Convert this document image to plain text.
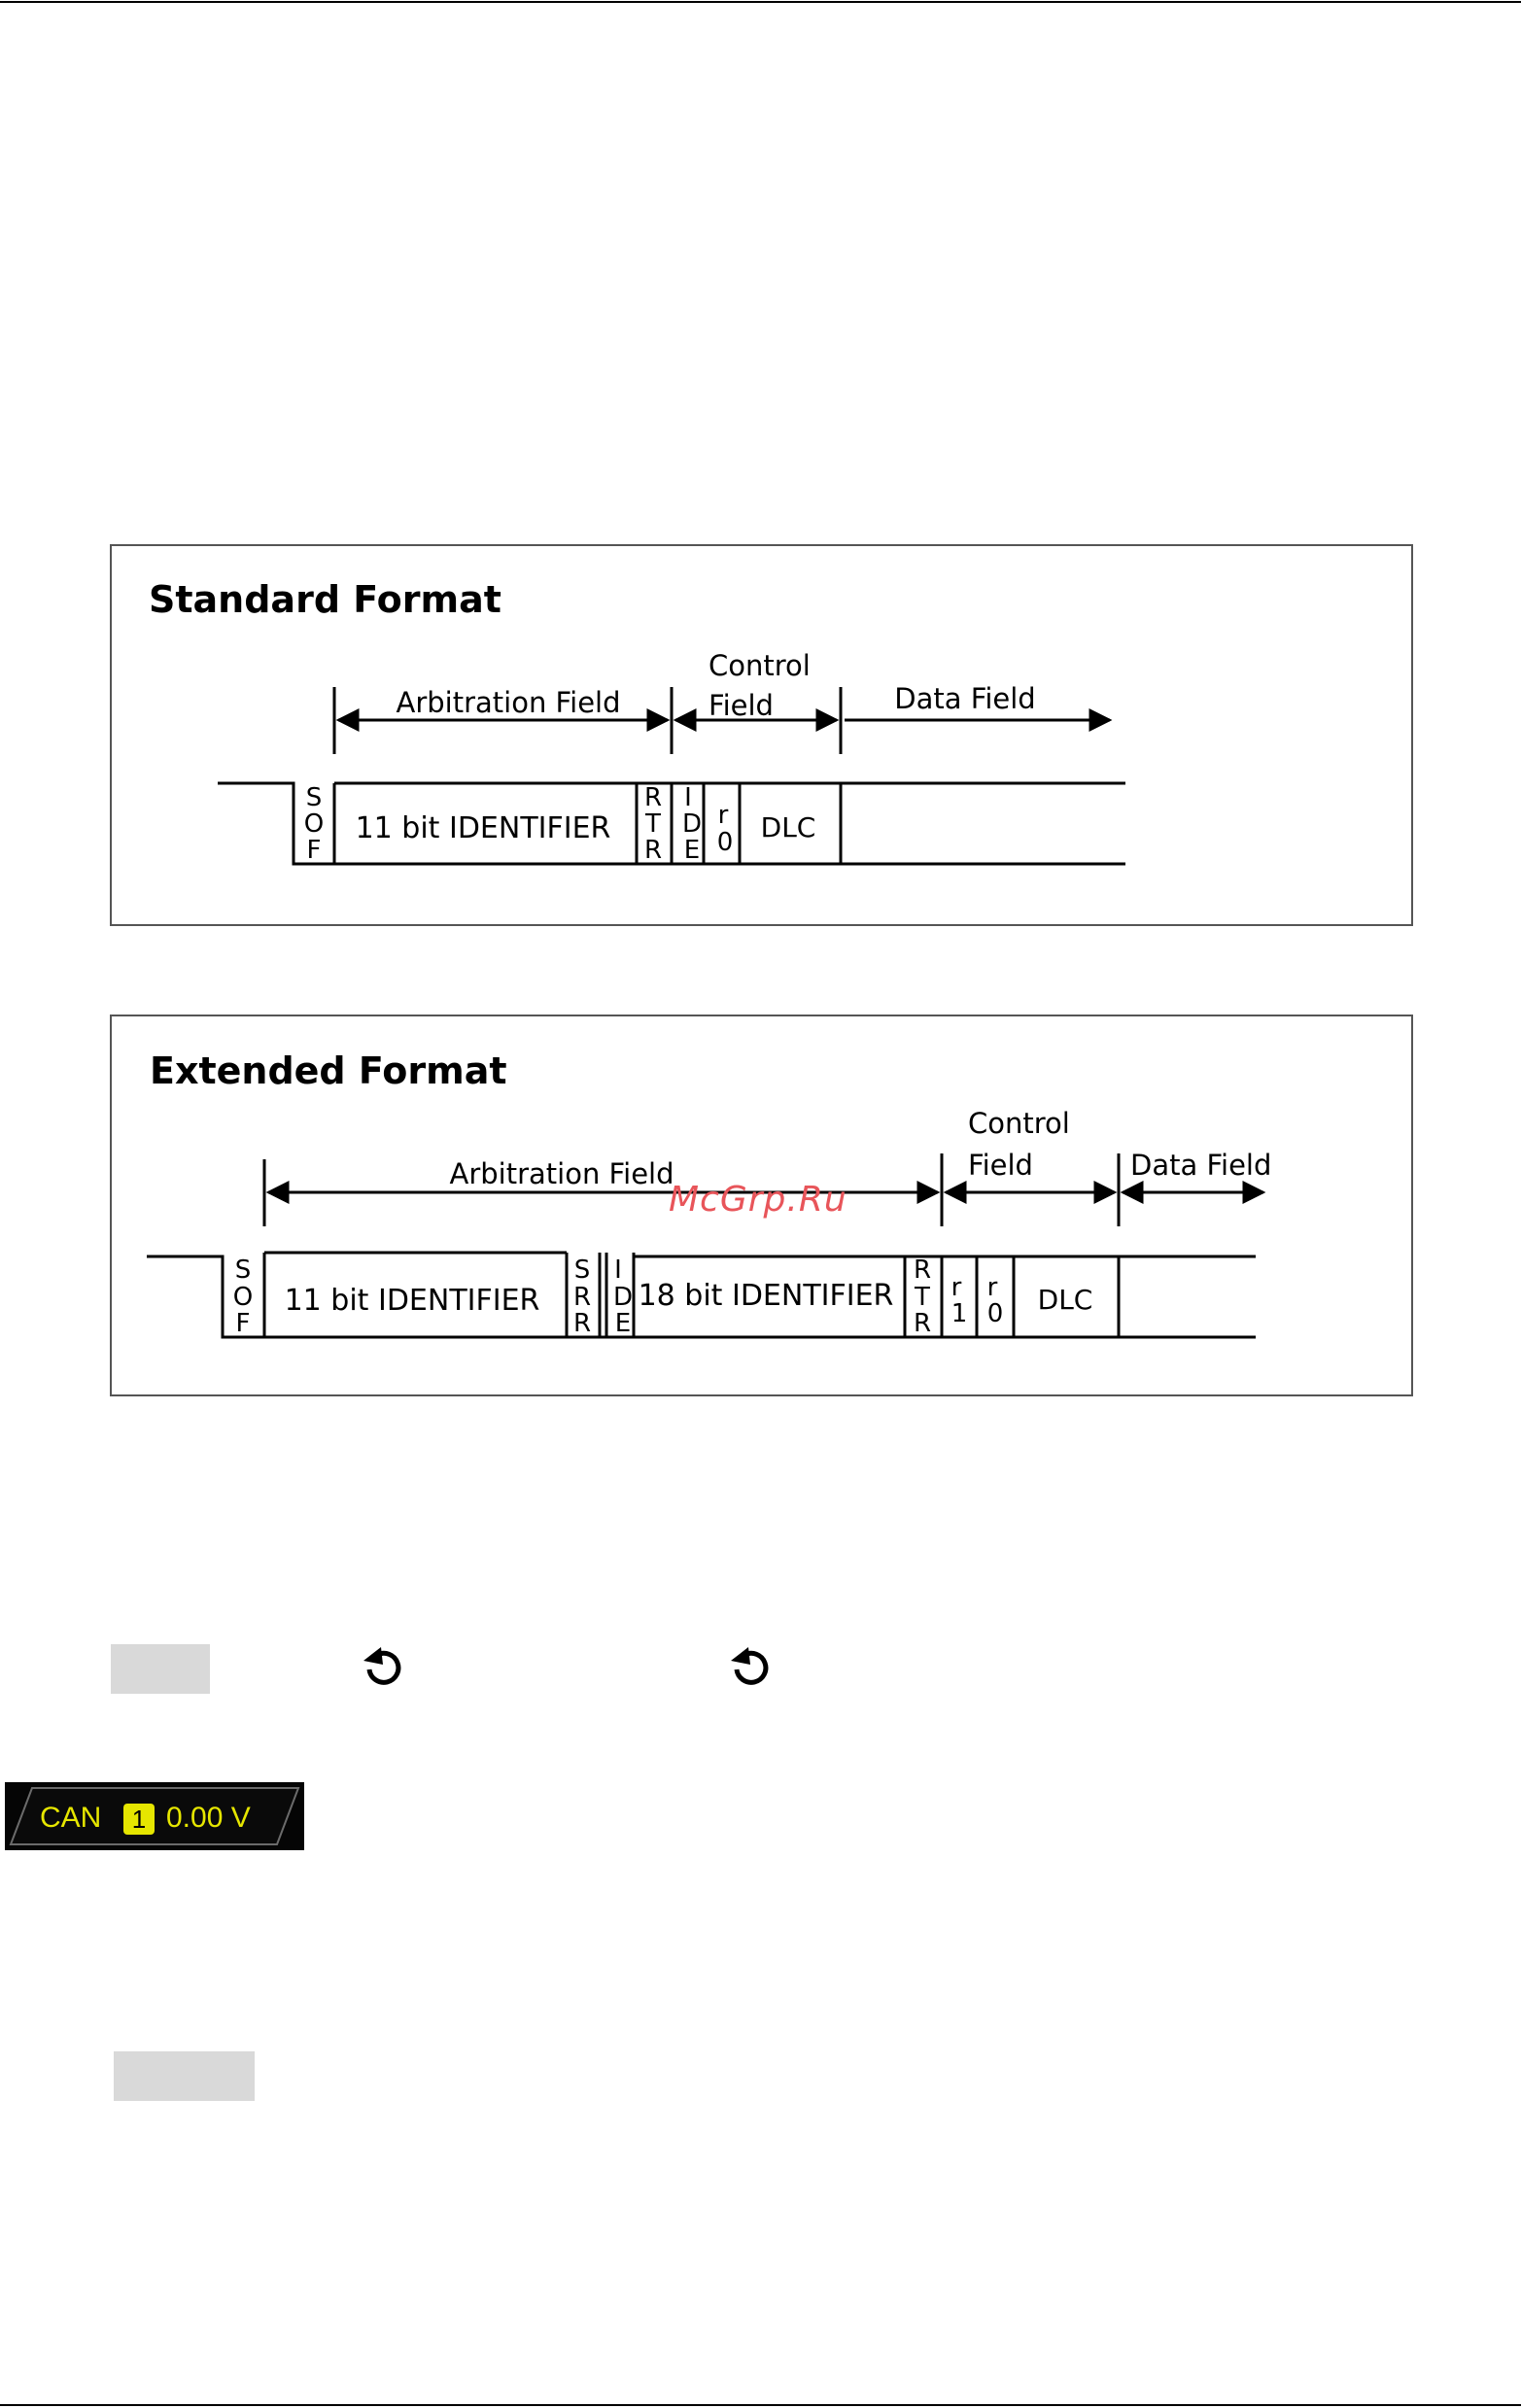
Standard Format
Arbitration Field
Control
Field	Data Field
S
O
F
R
T
R
I
D
E
r
0
11 bit IDENTIFIER	DLC
Extended Format
Arbitration Field
Control
Field	Data Field
S
O
F
S
R
R
I
D
E
R
T
R
r
1
r
0
11 bit IDENTIFIER	18 bit IDENTIFIER	DLC
McGrp.Ru
CAN 1 0.00 V
